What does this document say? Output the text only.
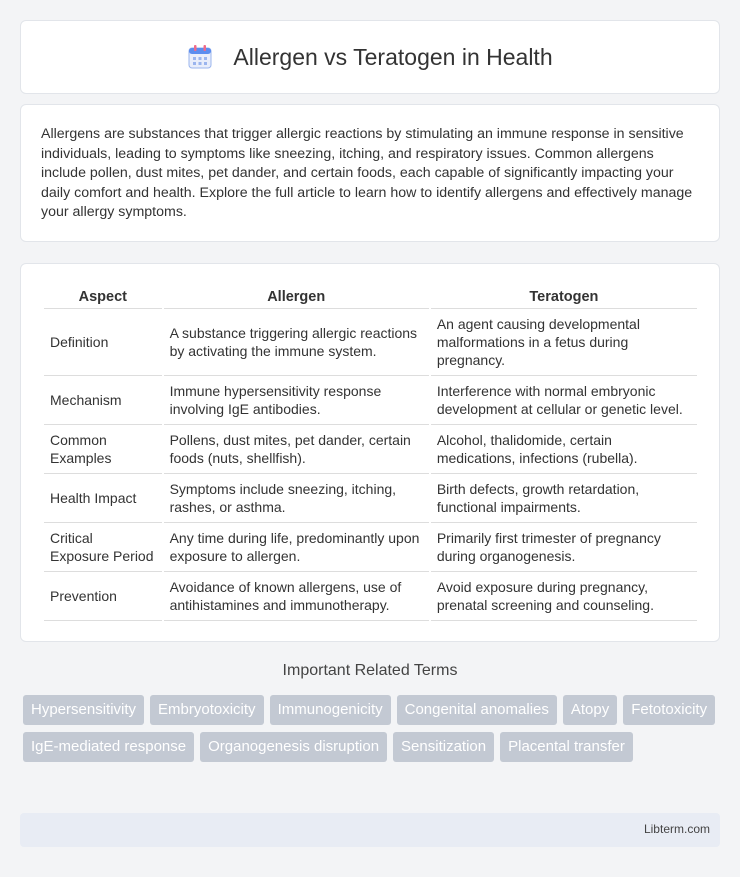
Allergen vs Teratogen in Health

Allergens are substances that trigger allergic reactions by stimulating an immune response in sensitive individuals, leading to symptoms like sneezing, itching, and respiratory issues. Common allergens include pollen, dust mites, pet dander, and certain foods, each capable of significantly impacting your daily comfort and health. Explore the full article to learn how to identify allergens and effectively manage your allergy symptoms.

Aspect	Allergen	Teratogen
Definition	A substance triggering allergic reactions by activating the immune system.	An agent causing developmental malformations in a fetus during pregnancy.
Mechanism	Immune hypersensitivity response involving IgE antibodies.	Interference with normal embryonic development at cellular or genetic level.
Common Examples	Pollens, dust mites, pet dander, certain foods (nuts, shellfish).	Alcohol, thalidomide, certain medications, infections (rubella).
Health Impact	Symptoms include sneezing, itching, rashes, or asthma.	Birth defects, growth retardation, functional impairments.
Critical Exposure Period	Any time during life, predominantly upon exposure to allergen.	Primarily first trimester of pregnancy during organogenesis.
Prevention	Avoidance of known allergens, use of antihistamines and immunotherapy.	Avoid exposure during pregnancy, prenatal screening and counseling.
Important Related Terms
Hypersensitivity	Embryotoxicity	Immunogenicity	Congenital anomalies	Atopy	Fetotoxicity
IgE-mediated response	Organogenesis disruption	Sensitization	Placental transfer
Libterm.com
